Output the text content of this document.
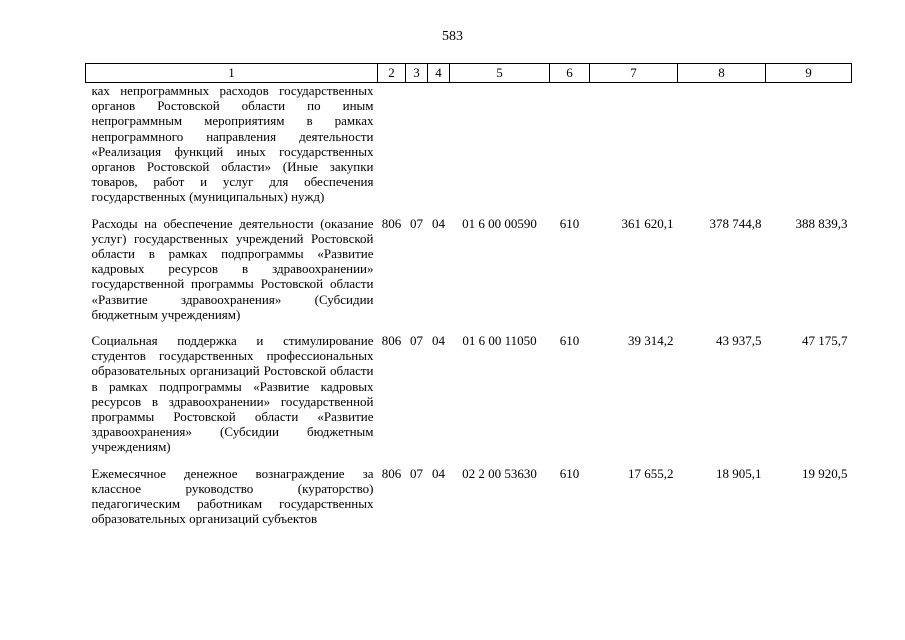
583
1	2	3	4	5	6	7	8	9
ках непрограммных расходов государственных органов Ростовской области по иным непрограммным мероприятиям в рамках непрограммного направления деятельности «Реализация функций иных государственных органов Ростовской области» (Иные закупки товаров, работ и услуг для обеспечения государственных (муниципальных) нужд)								
Расходы на обеспечение деятельности (оказание услуг) государственных учреждений Ростовской области в рамках подпрограммы «Развитие кадровых ресурсов в здравоохранении» государственной программы Ростовской области «Развитие здравоохранения» (Субсидии бюджетным учреждениям)	806	07	04	01 6 00 00590	610	361 620,1	378 744,8	388 839,3
Социальная поддержка и стимулирование студентов государственных профессиональных образовательных организаций Ростовской области в рамках подпрограммы «Развитие кадровых ресурсов в здравоохранении» государственной программы Ростовской области «Развитие здравоохранения» (Субсидии бюджетным учреждениям)	806	07	04	01 6 00 11050	610	39 314,2	43 937,5	47 175,7
Ежемесячное денежное вознаграждение за классное руководство (кураторство) педагогическим работникам государственных образовательных организаций субъектов	806	07	04	02 2 00 53630	610	17 655,2	18 905,1	19 920,5
